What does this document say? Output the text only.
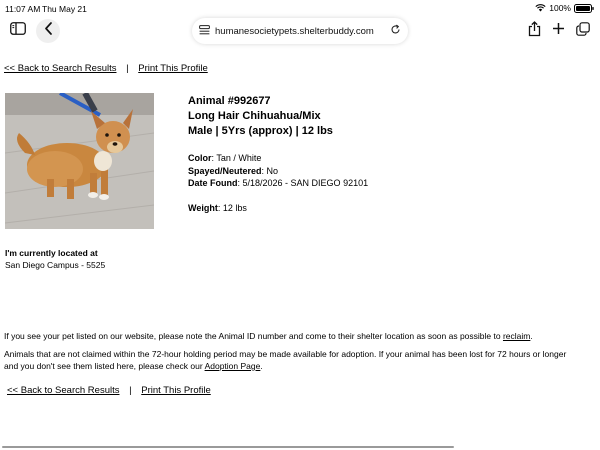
11:07 AM Thu May 21	100%
humanesocietypets.shelterbuddy.com
<< Back to Search Results | Print This Profile
Animal #992677
Long Hair Chihuahua/Mix
Male | 5Yrs (approx) | 12 lbs
Color: Tan / White
Spayed/Neutered: No
Date Found: 5/18/2026 - SAN DIEGO 92101
Weight: 12 lbs
I'm currently located at
San Diego Campus - 5525
If you see your pet listed on our website, please note the Animal ID number and come to their shelter location as soon as possible to reclaim.
Animals that are not claimed within the 72-hour holding period may be made available for adoption. If your animal has been lost for 72 hours or longer and you don't see them listed here, please check our Adoption Page.
<< Back to Search Results | Print This Profile
